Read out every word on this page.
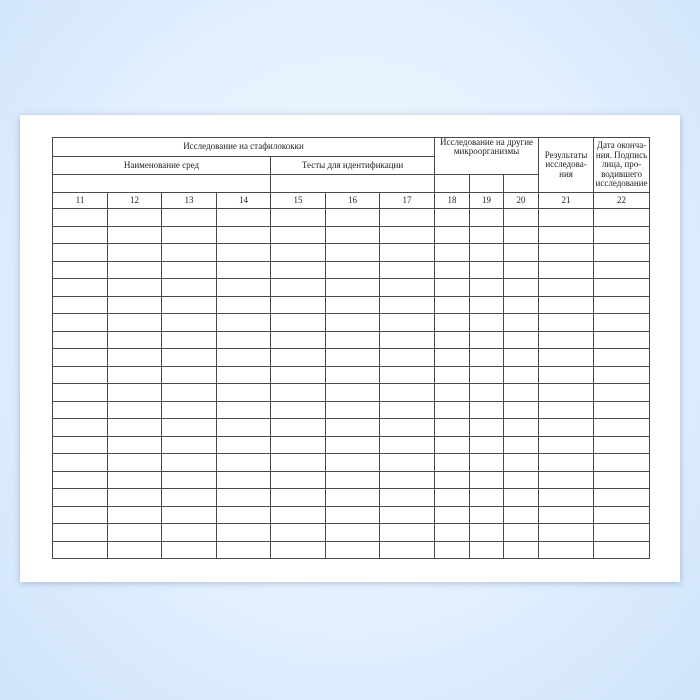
Исследование на стафилококки							Исследование на другие микроорганизмы			Результаты исследова-ния	Дата оконча-ния. Подпись лица, про-водившего исследование
Наименование сред				Тесты для идентификации							

11	12	13	14	15	16	17	18	19	20	21	22
